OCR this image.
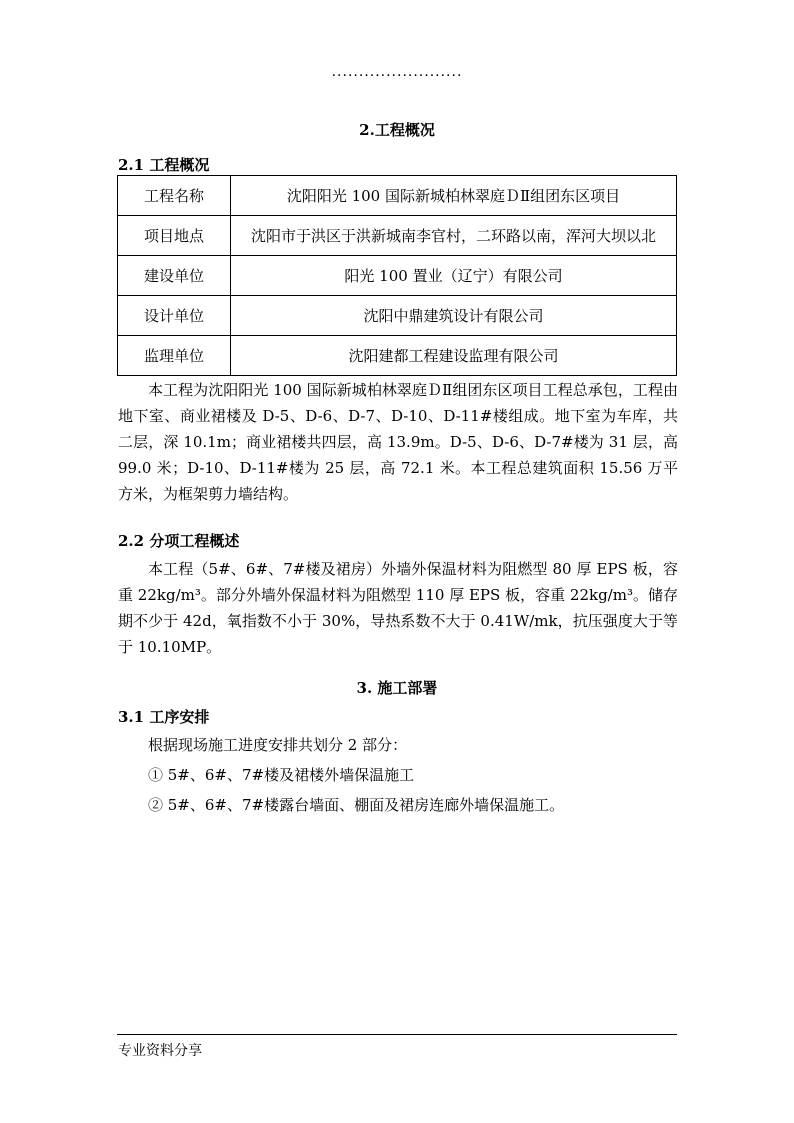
........................
2.工程概况
2.1 工程概况
工程名称	沈阳阳光 100 国际新城柏林翠庭ＤⅡ组团东区项目
项目地点	沈阳市于洪区于洪新城南李官村，二环路以南，浑河大坝以北
建设单位	阳光 100 置业（辽宁）有限公司
设计单位	沈阳中鼎建筑设计有限公司
监理单位	沈阳建都工程建设监理有限公司

本工程为沈阳阳光 100 国际新城柏林翠庭ＤⅡ组团东区项目工程总承包，工程由地下室、商业裙楼及 D-5、D-6、D-7、D-10、D-11#楼组成。地下室为车库，共二层，深 10.1m；商业裙楼共四层，高 13.9m。D-5、D-6、D-7#楼为 31 层，高 99.0 米；D-10、D-11#楼为 25 层，高 72.1 米。本工程总建筑面积 15.56 万平方米，为框架剪力墙结构。

2.2 分项工程概述

本工程（5#、6#、7#楼及裙房）外墙外保温材料为阻燃型 80 厚 EPS 板，容重 22kg/m³。部分外墙外保温材料为阻燃型 110 厚 EPS 板，容重 22kg/m³。储存期不少于 42d，氧指数不小于 30%，导热系数不大于 0.41W/mk，抗压强度大于等于 10.10MP。

3. 施工部署
3.1 工序安排
根据现场施工进度安排共划分 2 部分：
① 5#、6#、7#楼及裙楼外墙保温施工
② 5#、6#、7#楼露台墙面、棚面及裙房连廊外墙保温施工。
专业资料分享
